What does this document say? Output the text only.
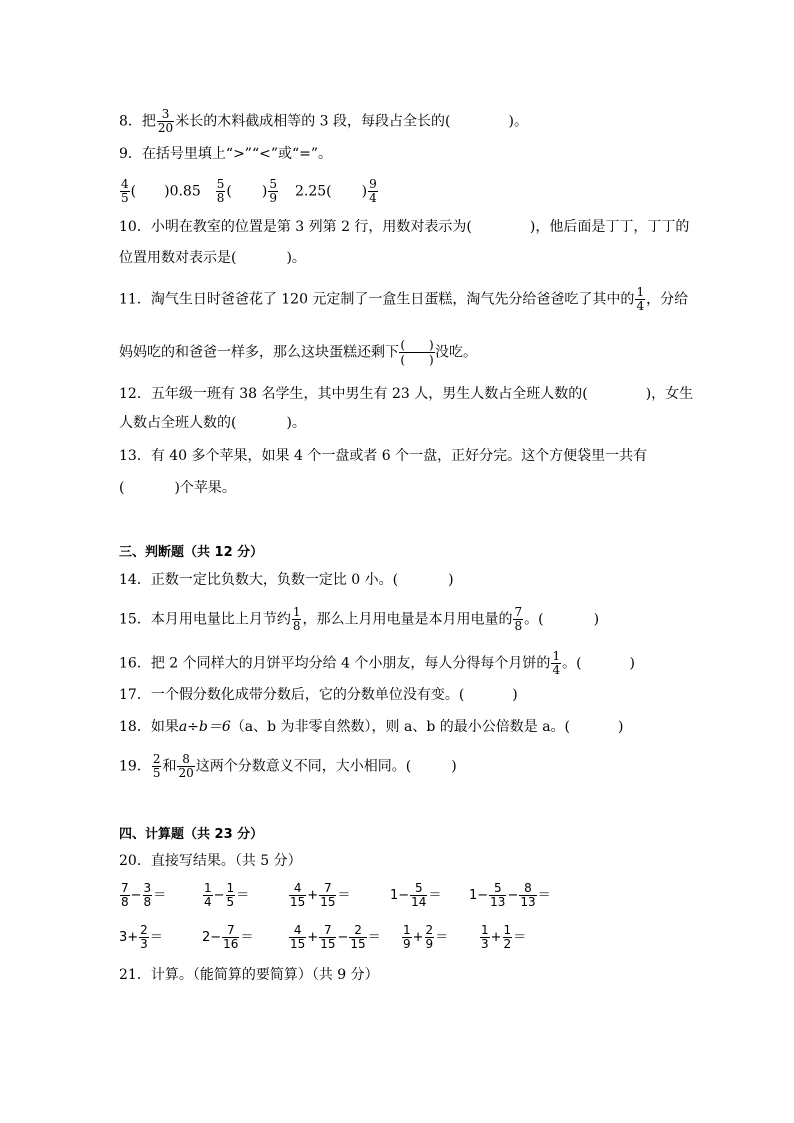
8．把 $\frac{3}{20}$ 米长的木料截成相等的 3 段，每段占全长的(	)。
9．在括号里填上“>”“<”或“=”。
$\frac{4}{5}$ ( )$0.85 \frac{5}{8}$ ( ) $\frac{5}{9} 2.25$( ) $\frac{9}{4}$
10．小明在教室的位置是第 3 列第 2 行，用数对表示为(	)，他后面是丁丁，丁丁的
位置用数对表示是(	)。
11．淘气生日时爸爸花了 120 元定制了一盒生日蛋糕，淘气先分给爸爸吃了其中的 $\frac{1}{4}$ ，分给
妈妈吃的和爸爸一样多，那么这块蛋糕还剩下 (　　)
(　　) 没吃。
12．五年级一班有 38 名学生，其中男生有 23 人，男生人数占全班人数的(	)，女生
人数占全班人数的(	)。
13．有 40 多个苹果，如果 4 个一盘或者 6 个一盘，正好分完。这个方便袋里一共有
(	)个苹果。
三、判断题（共 12 分）
14．正数一定比负数大，负数一定比 0 小。(	)
15．本月用电量比上月节约 $\frac{1}{8}$ ，那么上月用电量是本月用电量的 $\frac{7}{8}$ 。(	)
16．把 2 个同样大的月饼平均分给 4 个小朋友，每人分得每个月饼的 $\frac{1}{4}$ 。(	)
17．一个假分数化成带分数后，它的分数单位没有变。(	)
18．如果a÷b＝6（a、b 为非零自然数），则 a、b 的最小公倍数是 a。(	)
19． $\frac{2}{5}$ 和 $\frac{8}{20}$ 这两个分数意义不同，大小相同。(	)
四、计算题（共 23 分）
20．直接写结果。（共 5 分）
$\frac{7}{8} - \frac{3}{8}$ ＝	$\frac{1}{4} - \frac{1}{5}$ ＝	$\frac{4}{15} + \frac{7}{15}$ ＝	$1- \frac{5}{14} = 1- \frac{5}{13} - \frac{8}{13}$ ＝
$3+ \frac{2}{3}$ ＝	$2- \frac{7}{16}$ ＝	$\frac{4}{15} + \frac{7}{15} - \frac{2}{15} = \frac{1}{9} + \frac{2}{9}$ ＝	$\frac{1}{3} + \frac{1}{2}$ ＝
21．计算。（能简算的要简算）（共 9 分）
